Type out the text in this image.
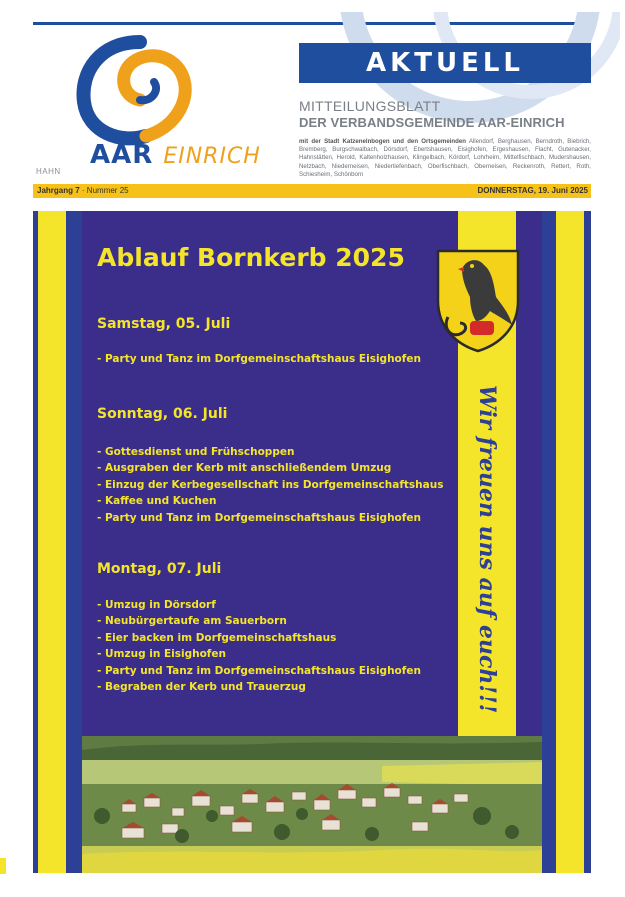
AAR EINRICH
HAHN
AKTUELL
MITTEILUNGSBLATT
DER VERBANDSGEMEINDE AAR-EINRICH
mit der Stadt Katzenelnbogen und den Ortsgemeinden Allendorf, Berghausen, Berndroth, Biebrich, Bremberg, Burgschwalbach, Dörsdorf, Ebertshausen, Eisighofen, Ergeshausen, Flacht, Gutenacker, Hahnstätten, Herold, Kaltenholzhausen, Klingelbach, Kördorf, Lohrheim, Mittelfischbach, Mudershausen, Netzbach, Niederneisen, Niedertiefenbach, Oberfischbach, Oberneisen, Reckenroth, Rettert, Roth, Schiesheim, Schönborn
Jahrgang 7 · Nummer 25	DONNERSTAG, 19. Juni 2025
Wir freuen uns auf euch!!!
Ablauf Bornkerb 2025
Samstag, 05. Juli
- Party und Tanz im Dorfgemeinschaftshaus Eisighofen
Sonntag, 06. Juli
- Gottesdienst und Frühschoppen
- Ausgraben der Kerb mit anschließendem Umzug
- Einzug der Kerbegesellschaft ins Dorfgemeinschaftshaus
- Kaffee und Kuchen
- Party und Tanz im Dorfgemeinschaftshaus Eisighofen
Montag, 07. Juli
- Umzug in Dörsdorf
- Neubürgertaufe am Sauerborn
- Eier backen im Dorfgemeinschaftshaus
- Umzug in Eisighofen
- Party und Tanz im Dorfgemeinschaftshaus Eisighofen
- Begraben der Kerb und Trauerzug
